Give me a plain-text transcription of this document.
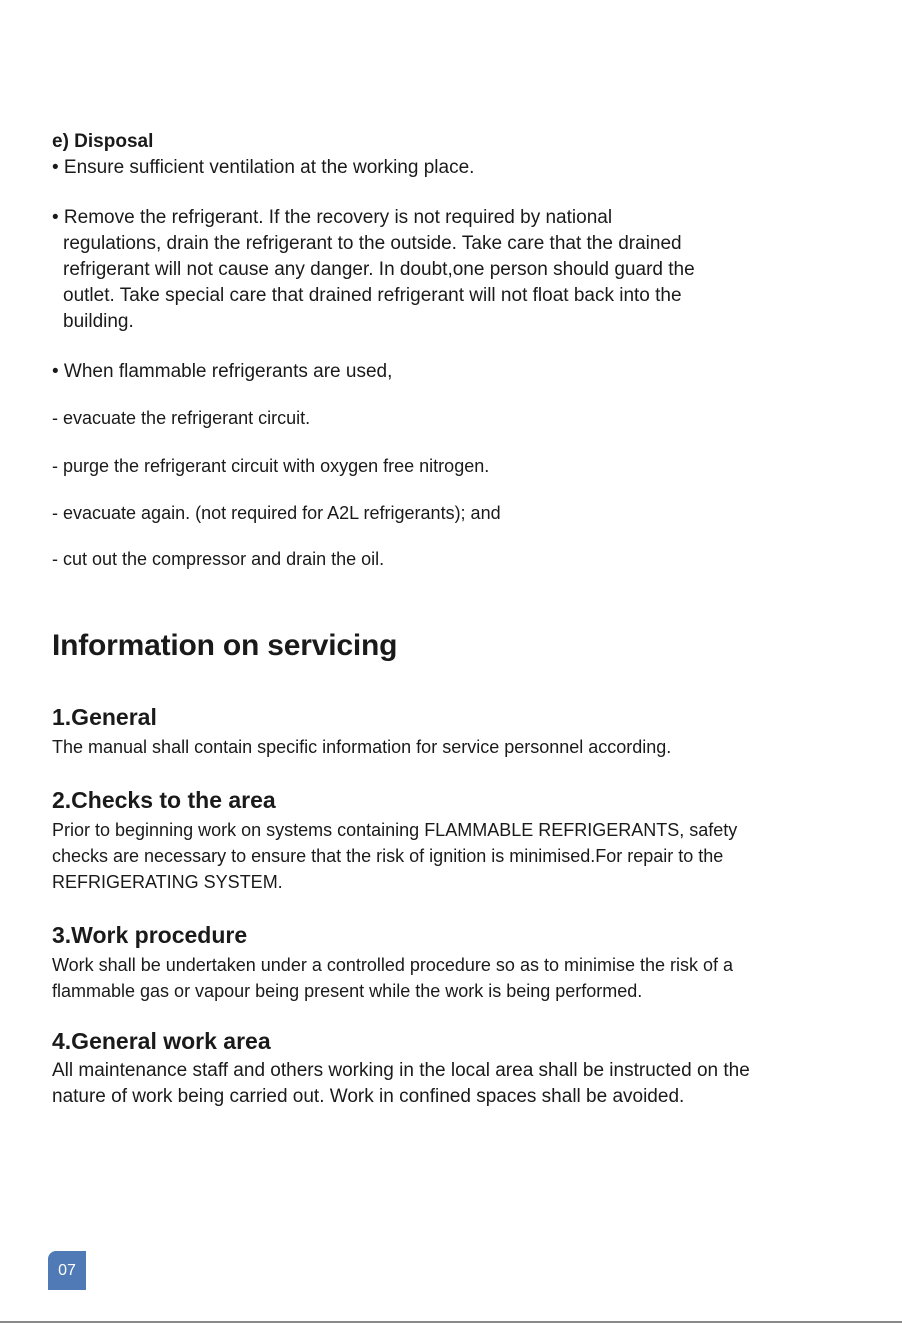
e) Disposal
• Ensure sufficient ventilation at the working place.
• Remove the refrigerant. If the recovery is not required by national
regulations, drain the refrigerant to the outside. Take care that the drained
refrigerant will not cause any danger. In doubt,one person should guard the
outlet. Take special care that drained refrigerant will not float back into the
building.
• When flammable refrigerants are used,
- evacuate the refrigerant circuit.
- purge the refrigerant circuit with oxygen free nitrogen.
- evacuate again. (not required for A2L refrigerants); and
- cut out the compressor and drain the oil.
Information on servicing
1.General
The manual shall contain specific information for service personnel according.
2.Checks to the area
Prior to beginning work on systems containing FLAMMABLE REFRIGERANTS, safety
checks are necessary to ensure that the risk of ignition is minimised.For repair to the
REFRIGERATING SYSTEM.
3.Work procedure
Work shall be undertaken under a controlled procedure so as to minimise the risk of a
flammable gas or vapour being present while the work is being performed.
4.General work area
All maintenance staff and others working in the local area shall be instructed on the
nature of work being carried out. Work in confined spaces shall be avoided.
07
